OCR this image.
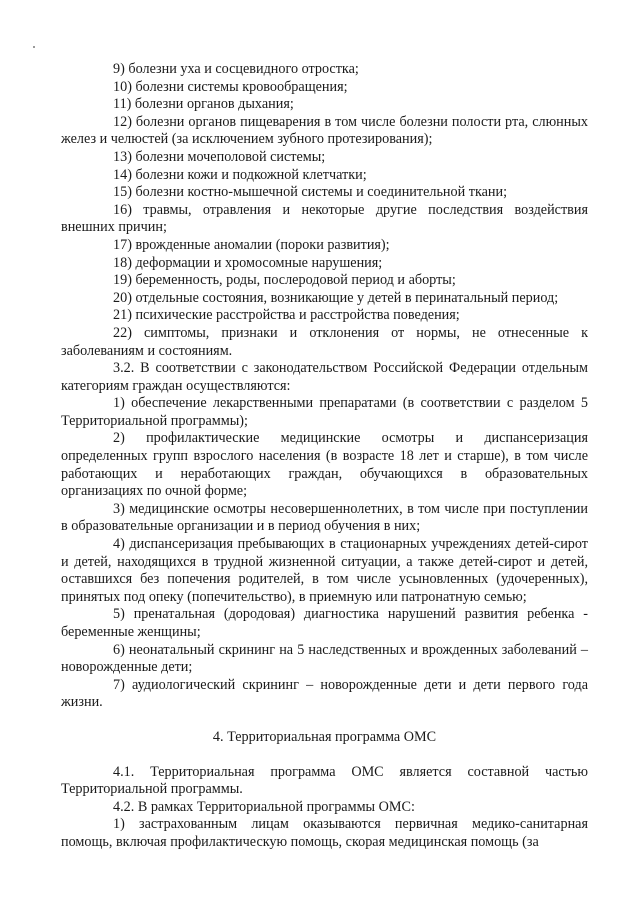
9) болезни уха и сосцевидного отростка;

10) болезни системы кровообращения;

11) болезни органов дыхания;

12) болезни органов пищеварения в том числе болезни полости рта, слюнных желез и челюстей (за исключением зубного протезирования);

13) болезни мочеполовой системы;

14) болезни кожи и подкожной клетчатки;

15) болезни костно-мышечной системы и соединительной ткани;

16) травмы, отравления и некоторые другие последствия воздействия внешних причин;

17) врожденные аномалии (пороки развития);

18) деформации и хромосомные нарушения;

19) беременность, роды, послеродовой период и аборты;

20) отдельные состояния, возникающие у детей в перинатальный период;

21) психические расстройства и расстройства поведения;

22) симптомы, признаки и отклонения от нормы, не отнесенные к заболеваниям и состояниям.

3.2. В соответствии с законодательством Российской Федерации отдельным категориям граждан осуществляются:

1) обеспечение лекарственными препаратами (в соответствии с разделом 5 Территориальной программы);

2) профилактические медицинские осмотры и диспансеризация определенных групп взрослого населения (в возрасте 18 лет и старше), в том числе работающих и неработающих граждан, обучающихся в образовательных организациях по очной форме;

3) медицинские осмотры несовершеннолетних, в том числе при поступлении в образовательные организации и в период обучения в них;

4) диспансеризация пребывающих в стационарных учреждениях детей-сирот и детей, находящихся в трудной жизненной ситуации, а также детей-сирот и детей, оставшихся без попечения родителей, в том числе усыновленных (удочеренных), принятых под опеку (попечительство), в приемную или патронатную семью;

5) пренатальная (дородовая) диагностика нарушений развития ребенка - беременные женщины;

6) неонатальный скрининг на 5 наследственных и врожденных заболеваний – новорожденные дети;

7) аудиологический скрининг – новорожденные дети и дети первого года жизни.

4. Территориальная программа ОМС

4.1. Территориальная программа ОМС является составной частью Территориальной программы.

4.2. В рамках Территориальной программы ОМС:

1) застрахованным лицам оказываются первичная медико-санитарная помощь, включая профилактическую помощь, скорая медицинская помощь (за
